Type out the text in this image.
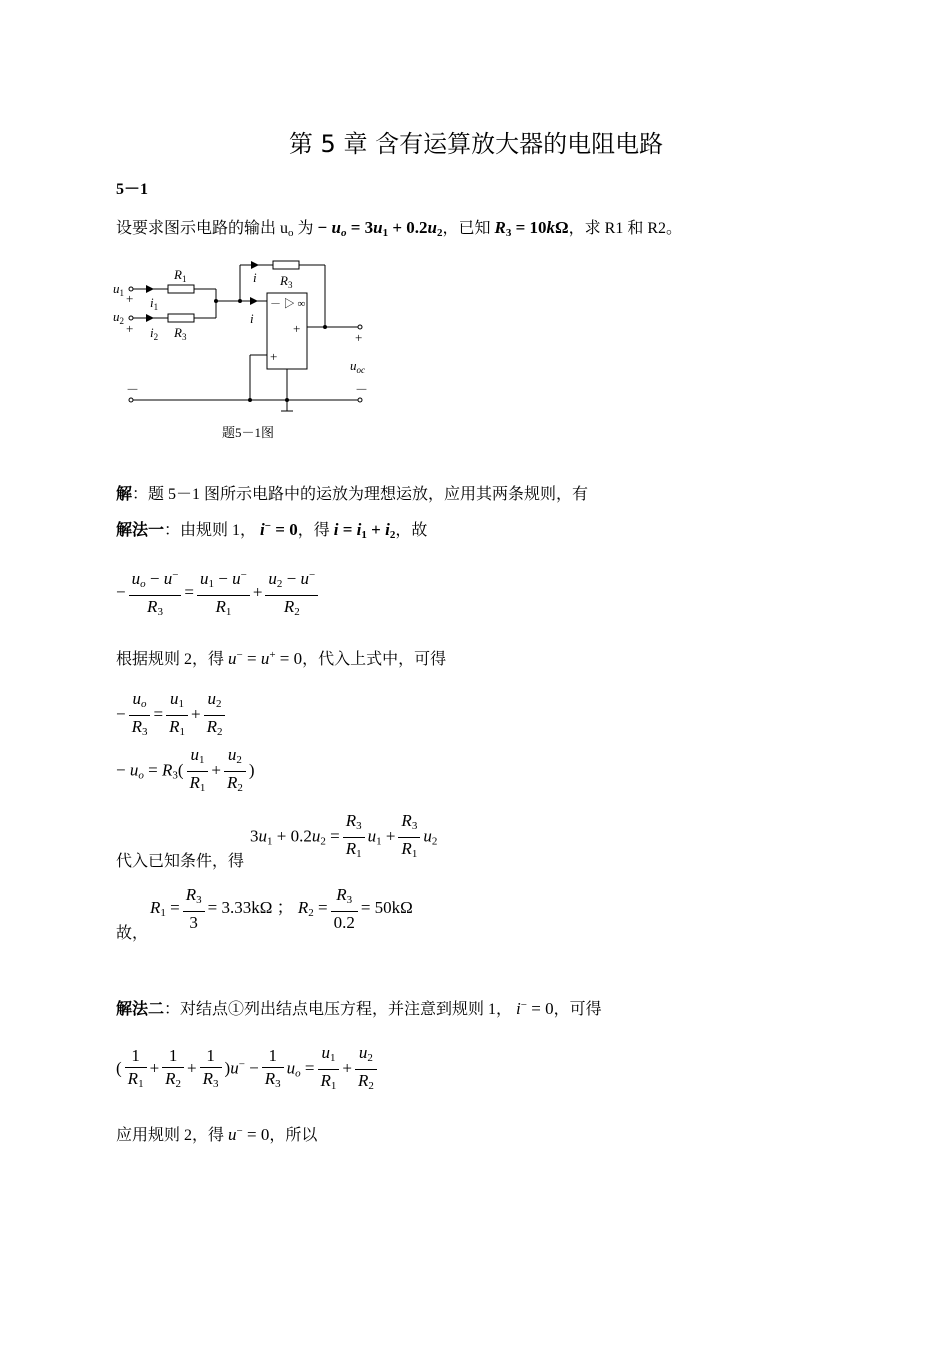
第 5 章 含有运算放大器的电阻电路
5－1
设要求图示电路的输出 $u_o$ 为 − $u_o = 3u_1 + 0.2u_2$，已知 $R_3 = 10k\Omega$，求 R1 和 R2。
$u_1$
$u_2$
+
+
$i_1$
$i_2$
$R_1$
$R_3$
i $R_3$
i
－ ▷ ∞
+
+
+
$u_{oc}$
－
－
题5－1图
解：题 5－1 图所示电路中的运放为理想运放，应用其两条规则，有
解法一：由规则 1， i− = 0，得 $i = i_1 + i_2$，故
− $\frac{u_o - u^-}{R_3} = \frac{u_1 - u^-}{R_1} + \frac{u_2 - u^-}{R_2}$
根据规则 2，得 u− = u+ = 0，代入上式中，可得
− $\frac{u_o}{R_3} = \frac{u_1}{R_1} + \frac{u_2}{R_2}$
− $u_o = R_3( \frac{u_1}{R_1} + \frac{u_2}{R_2}$ )
$3u_1 + 0.2u_2 = \frac{R_3}{R_1} u_1 + \frac{R_3}{R_1} u_2$
代入已知条件，得
$R_1 = \frac{R_3}{3} = 3.33k\Omega$ ； $R_2 = \frac{R_3}{0.2} = 50k\Omega$
故，
解法二：对结点①列出结点电压方程，并注意到规则 1， i− = 0，可得
( $\frac{1}{R_1} + \frac{1}{R_2} + \frac{1}{R_3} )u^- - \frac{1}{R_3} u_o = \frac{u_1}{R_1} + \frac{u_2}{R_2}$
应用规则 2，得 u− = 0，所以
